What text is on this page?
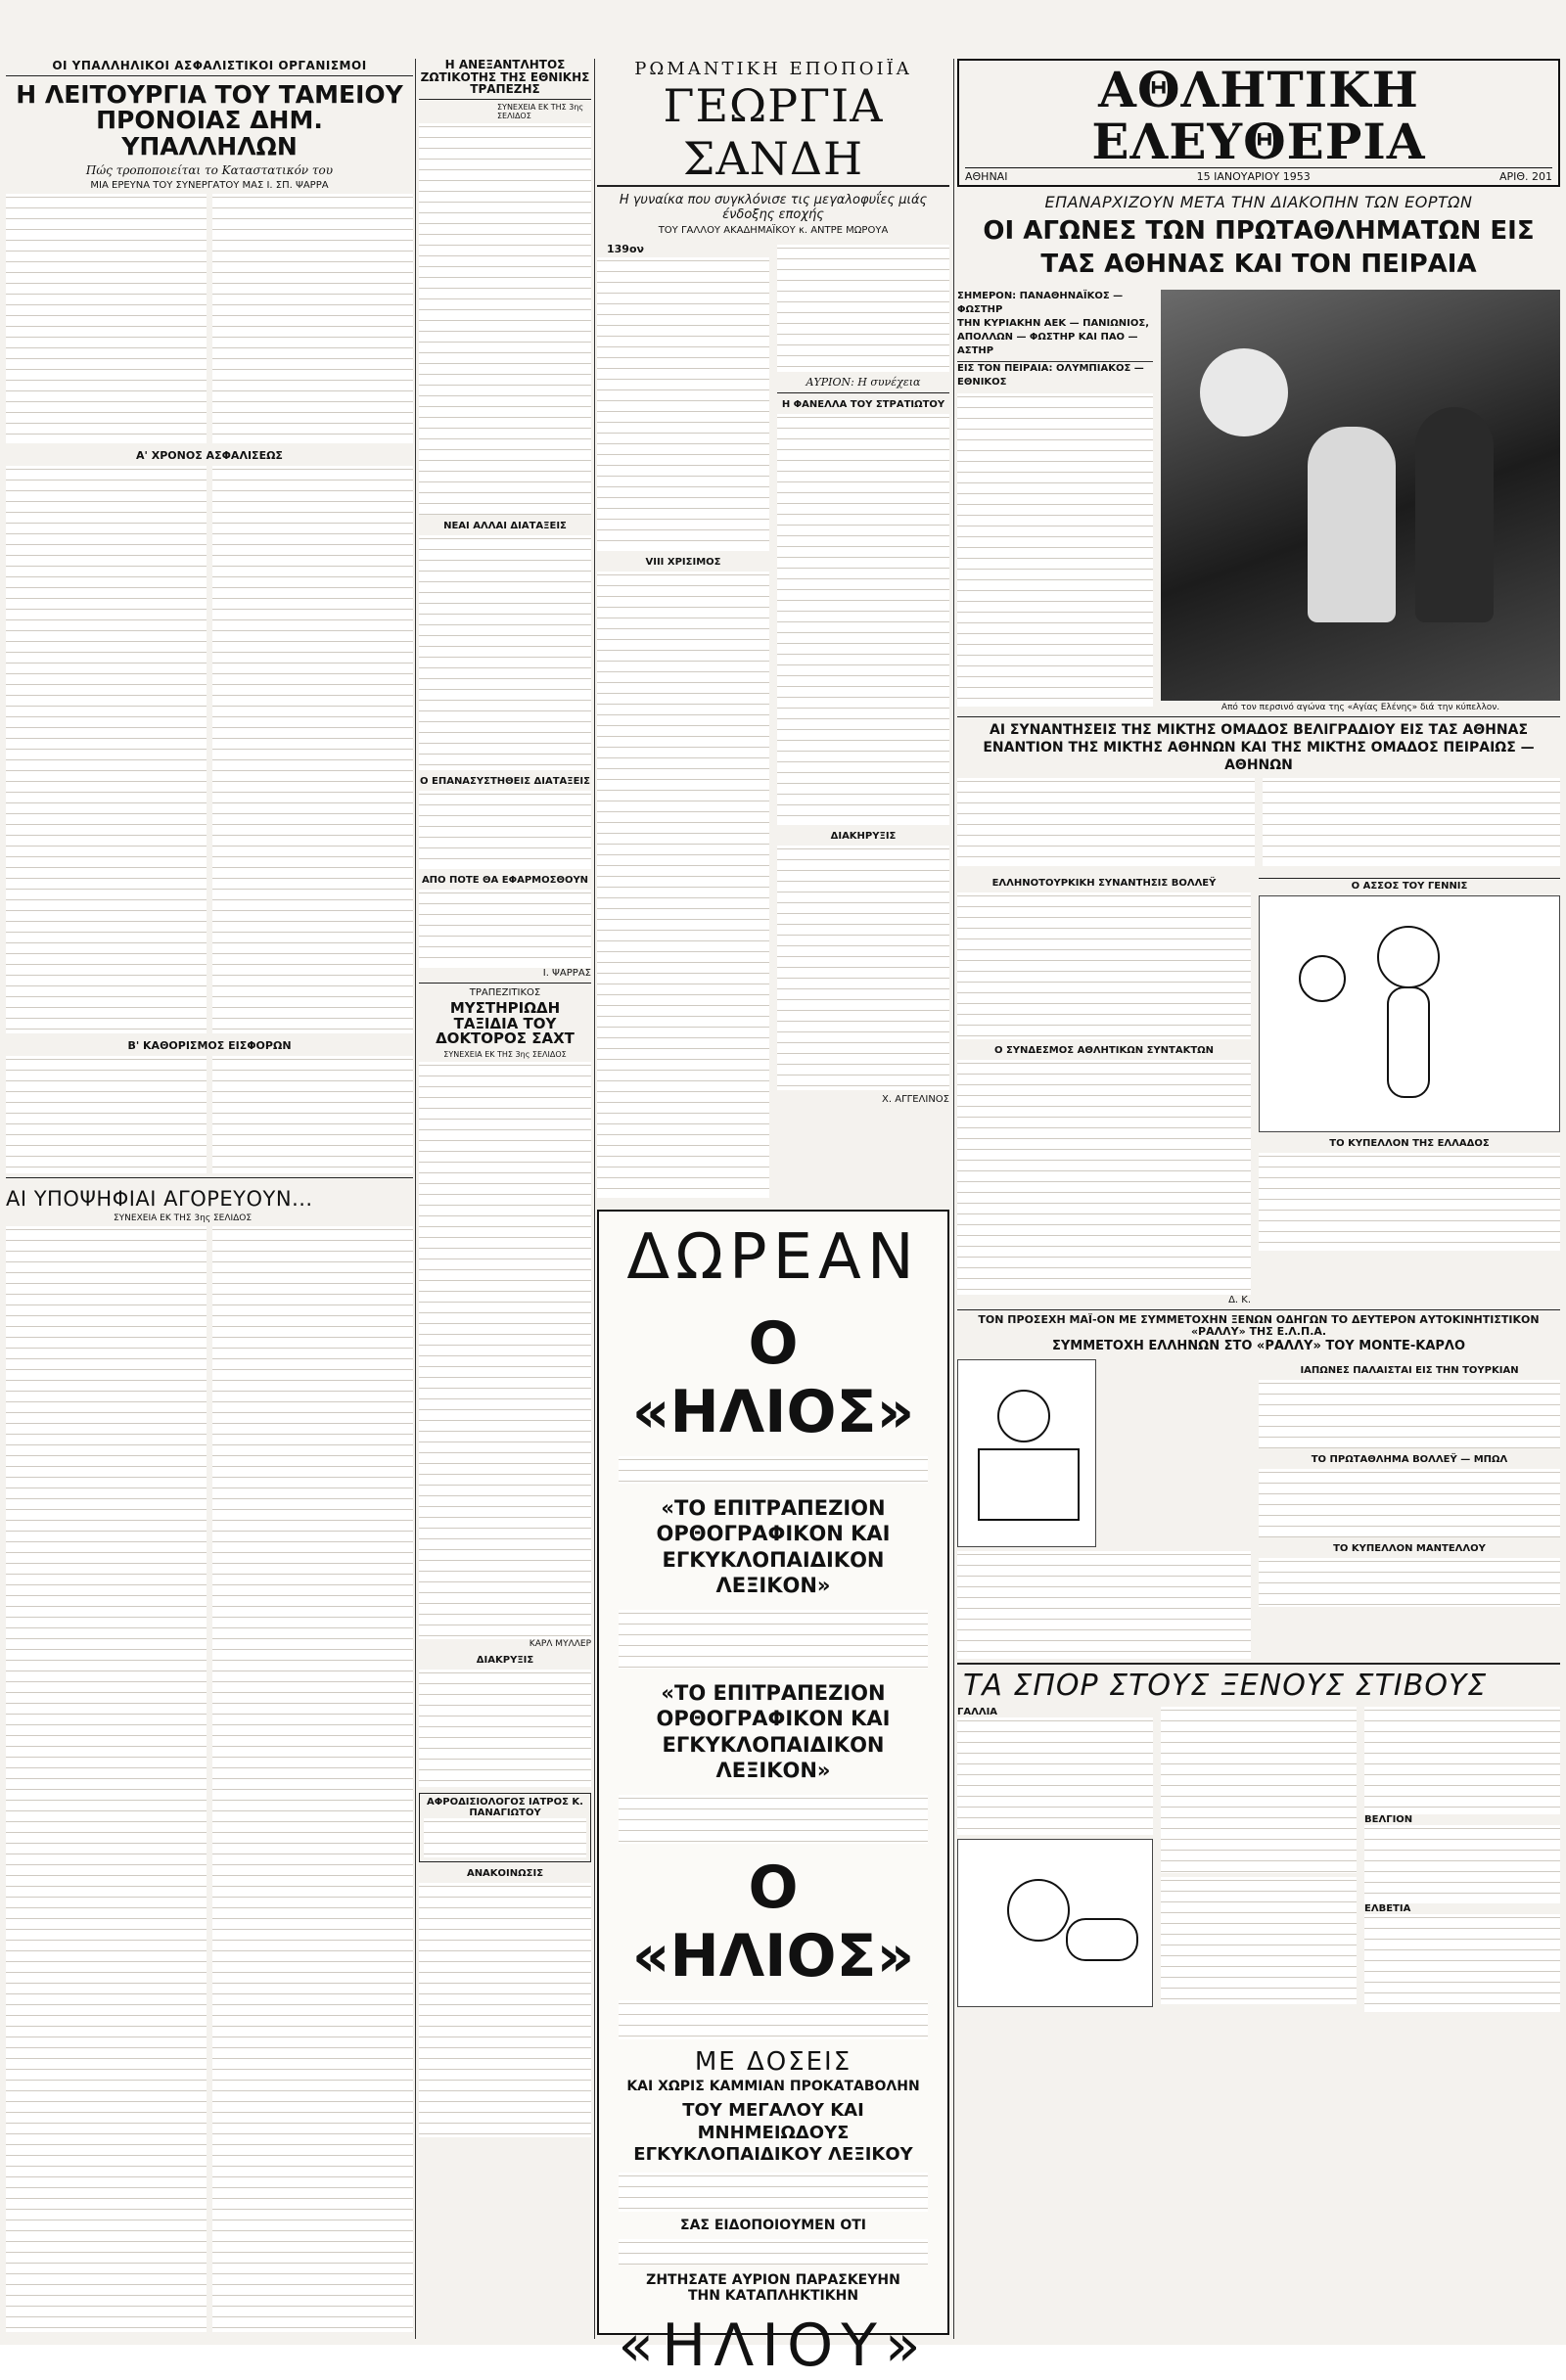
ΟΙ ΥΠΑΛΛΗΛΙΚΟΙ ΑΣΦΑΛΙΣΤΙΚΟΙ ΟΡΓΑΝΙΣΜΟΙ
Η ΛΕΙΤΟΥΡΓΙΑ ΤΟΥ ΤΑΜΕΙΟΥ ΠΡΟΝΟΙΑΣ ΔΗΜ. ΥΠΑΛΛΗΛΩΝ
Πώς τροποποιείται το Καταστατικόν του
ΜΙΑ ΕΡΕΥΝΑ ΤΟΥ ΣΥΝΕΡΓΑΤΟΥ ΜΑΣ Ι. ΣΠ. ΨΑΡΡΑ
Α' ΧΡΟΝΟΣ ΑΣΦΑΛΙΣΕΩΣ
Β' ΚΑΘΟΡΙΣΜΟΣ ΕΙΣΦΟΡΩΝ
ΑΙ ΥΠΟΨΗΦΙΑΙ ΑΓΟΡΕΥΟΥΝ...
ΣΥΝΕΧΕΙΑ ΕΚ ΤΗΣ 3ης ΣΕΛΙΔΟΣ
Η ΑΝΕΞΑΝΤΛΗΤΟΣ ΖΩΤΙΚΟΤΗΣ ΤΗΣ ΕΘΝΙΚΗΣ ΤΡΑΠΕΖΗΣ
ΣΥΝΕΧΕΙΑ ΕΚ ΤΗΣ 3ης ΣΕΛΙΔΟΣ
ΝΕΑΙ ΑΛΛΑΙ ΔΙΑΤΑΞΕΙΣ
Ο ΕΠΑΝΑΣΥΣΤΗΘΕΙΣ ΔΙΑΤΑΞΕΙΣ
ΑΠΟ ΠΟΤΕ ΘΑ ΕΦΑΡΜΟΣΘΟΥΝ
Ι. ΨΑΡΡΑΣ
ΤΡΑΠΕΖΙΤΙΚΟΣ
ΜΥΣΤΗΡΙΩΔΗ ΤΑΞΙΔΙΑ ΤΟΥ ΔΟΚΤΟΡΟΣ ΣΑΧΤ
ΣΥΝΕΧΕΙΑ ΕΚ ΤΗΣ 3ης ΣΕΛΙΔΟΣ
ΚΑΡΛ ΜΥΛΛΕΡ
ΔΙΑΚΡΥΞΙΣ
ΑΦΡΟΔΙΣΙΟΛΟΓΟΣ ΙΑΤΡΟΣ Κ. ΠΑΝΑΓΙΩΤΟΥ
ΑΝΑΚΟΙΝΩΣΙΣ
ΡΩΜΑΝΤΙΚΗ ΕΠΟΠΟΙΪΑ
ΓΕΩΡΓΙΑ ΣΑΝΔΗ
Η γυναίκα που συγκλόνισε τις μεγαλοφυΐες μιάς ένδοξης εποχής
ΤΟΥ ΓΑΛΛΟΥ ΑΚΑΔΗΜΑΪΚΟΥ κ. ΑΝΤΡΕ ΜΩΡΟΥΑ
139ον
VIII ΧΡΙΣΙΜΟΣ
ΑΥΡΙΟΝ: Η συνέχεια
Η ΦΑΝΕΛΛΑ ΤΟΥ ΣΤΡΑΤΙΩΤΟΥ
ΔΙΑΚΗΡΥΞΙΣ
Χ. ΑΓΓΕΛΙΝΟΣ
ΔΩΡΕΑΝ

Ο «ΗΛΙΟΣ»
«ΤΟ ΕΠΙΤΡΑΠΕΖΙΟΝ ΟΡΘΟΓΡΑΦΙΚΟΝ ΚΑΙ ΕΓΚΥΚΛΟΠΑΙΔΙΚΟΝ ΛΕΞΙΚΟΝ»
«ΤΟ ΕΠΙΤΡΑΠΕΖΙΟΝ ΟΡΘΟΓΡΑΦΙΚΟΝ ΚΑΙ ΕΓΚΥΚΛΟΠΑΙΔΙΚΟΝ ΛΕΞΙΚΟΝ»
Ο «ΗΛΙΟΣ»
ΜΕ ΔΟΣΕΙΣ
ΚΑΙ ΧΩΡΙΣ ΚΑΜΜΙΑΝ ΠΡΟΚΑΤΑΒΟΛΗΝ
ΤΟΥ ΜΕΓΑΛΟΥ ΚΑΙ ΜΝΗΜΕΙΩΔΟΥΣ ΕΓΚΥΚΛΟΠΑΙΔΙΚΟΥ ΛΕΞΙΚΟΥ
ΣΑΣ ΕΙΔΟΠΟΙΟΥΜΕΝ ΟΤΙ
ΖΗΤΗΣΑΤΕ ΑΥΡΙΟΝ ΠΑΡΑΣΚΕΥΗΝ ΤΗΝ ΚΑΤΑΠΛΗΚΤΙΚΗΝ
«ΗΛΙΟΥ»
ΑΘΛΗΤΙΚΗ ΕΛΕΥΘΕΡΙΑ
ΑΘΗΝΑΙ	15 ΙΑΝΟΥΑΡΙΟΥ 1953	ΑΡΙΘ. 201
ΕΠΑΝΑΡΧΙΖΟΥΝ ΜΕΤΑ ΤΗΝ ΔΙΑΚΟΠΗΝ ΤΩΝ ΕΟΡΤΩΝ
ΟΙ ΑΓΩΝΕΣ ΤΩΝ ΠΡΩΤΑΘΛΗΜΑΤΩΝ ΕΙΣ ΤΑΣ ΑΘΗΝΑΣ ΚΑΙ ΤΟΝ ΠΕΙΡΑΙΑ
ΣΗΜΕΡΟΝ: ΠΑΝΑΘΗΝΑΪΚΟΣ — ΦΩΣΤΗΡ
ΤΗΝ ΚΥΡΙΑΚΗΝ ΑΕΚ — ΠΑΝΙΩΝΙΟΣ, ΑΠΟΛΛΩΝ — ΦΩΣΤΗΡ ΚΑΙ ΠΑΟ — ΑΣΤΗΡ
ΕΙΣ ΤΟΝ ΠΕΙΡΑΙΑ: ΟΛΥΜΠΙΑΚΟΣ — ΕΘΝΙΚΟΣ
Από τον περσινό αγώνα της «Αγίας Ελένης» διά την κύπελλον.
ΑΙ ΣΥΝΑΝΤΗΣΕΙΣ ΤΗΣ ΜΙΚΤΗΣ ΟΜΑΔΟΣ ΒΕΛΙΓΡΑΔΙΟΥ ΕΙΣ ΤΑΣ ΑΘΗΝΑΣ ΕΝΑΝΤΙΟΝ ΤΗΣ ΜΙΚΤΗΣ ΑΘΗΝΩΝ ΚΑΙ ΤΗΣ ΜΙΚΤΗΣ ΟΜΑΔΟΣ ΠΕΙΡΑΙΩΣ — ΑΘΗΝΩΝ
ΕΛΛΗΝΟΤΟΥΡΚΙΚΗ ΣΥΝΑΝΤΗΣΙΣ ΒΟΛΛΕΫ
Ο ΣΥΝΔΕΣΜΟΣ ΑΘΛΗΤΙΚΩΝ ΣΥΝΤΑΚΤΩΝ
Δ. Κ.
Ο ΑΣΣΟΣ ΤΟΥ ΓΕΝΝΙΣ
ΤΟ ΚΥΠΕΛΛΟΝ ΤΗΣ ΕΛΛΑΔΟΣ
ΤΟΝ ΠΡΟΣΕΧΗ ΜΑΪ-ΟΝ ΜΕ ΣΥΜΜΕΤΟΧΗΝ ΞΕΝΩΝ ΟΔΗΓΩΝ ΤΟ ΔΕΥΤΕΡΟΝ ΑΥΤΟΚΙΝΗΤΙΣΤΙΚΟΝ «ΡΑΛΛΥ» ΤΗΣ Ε.Λ.Π.Α.
ΣΥΜΜΕΤΟΧΗ ΕΛΛΗΝΩΝ ΣΤΟ «ΡΑΛΛΥ» ΤΟΥ ΜΟΝΤΕ-ΚΑΡΛΟ
ΙΑΠΩΝΕΣ ΠΑΛΑΙΣΤΑΙ ΕΙΣ ΤΗΝ ΤΟΥΡΚΙΑΝ
ΤΟ ΠΡΩΤΑΘΛΗΜΑ ΒΟΛΛΕΫ — ΜΠΩΛ
ΤΟ ΚΥΠΕΛΛΟΝ ΜΑΝΤΕΛΛΟΥ
ΤΑ ΣΠΟΡ ΣΤΟΥΣ ΞΕΝΟΥΣ ΣΤΙΒΟΥΣ
ΓΑΛΛΙΑ
ΒΕΛΓΙΟΝ
ΕΛΒΕΤΙΑ
